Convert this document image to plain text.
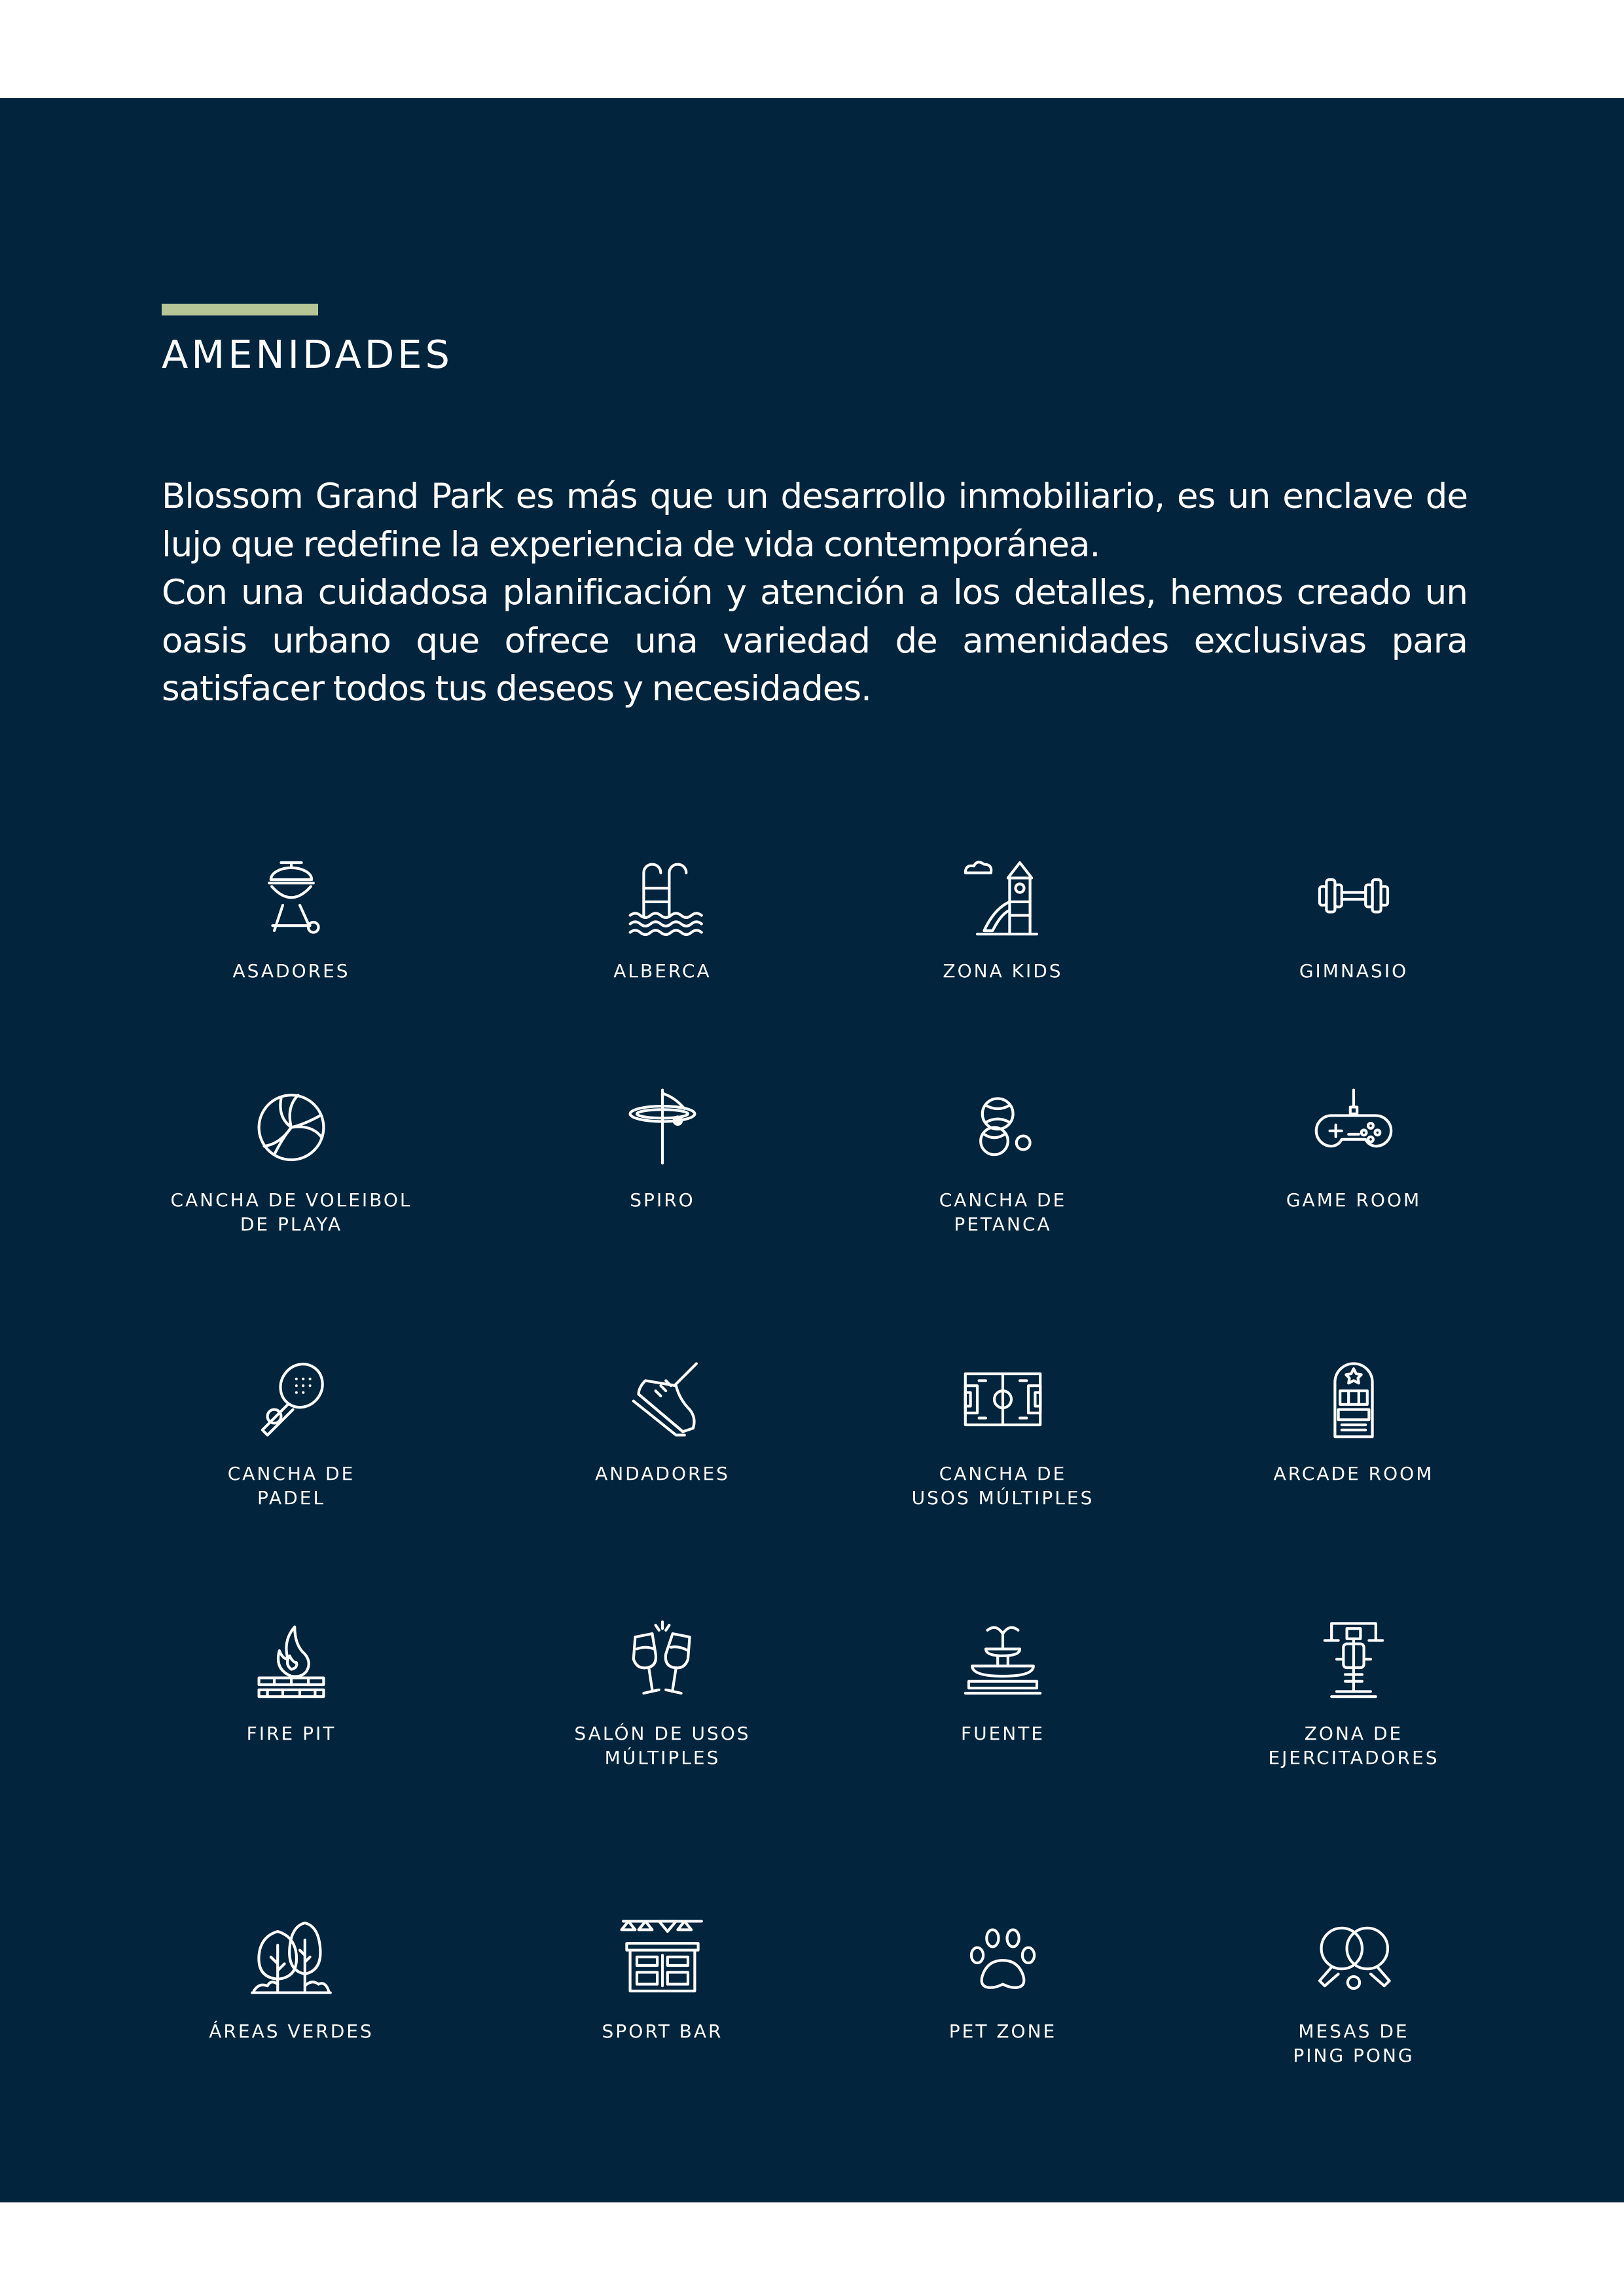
AMENIDADES

Blossom Grand Park es más que un desarrollo inmobiliario, es un enclave de lujo que redefine la experiencia de vida contemporánea.

Con una cuidadosa planificación y atención a los detalles, hemos creado un oasis urbano que ofrece una variedad de amenidades exclusivas para satisfacer todos tus deseos y necesidades.

ASADORES	ALBERCA	ZONA KIDS	GIMNASIO
CANCHA DE VOLEIBOL
DE PLAYA
SPIRO	CANCHA DE
PETANCA
GAME ROOM
CANCHA DE
PADEL
ANDADORES	CANCHA DE
USOS MÚLTIPLES
ARCADE ROOM
FIRE PIT	SALÓN DE USOS
MÚLTIPLES
FUENTE	ZONA DE
EJERCITADORES
ÁREAS VERDES	SPORT BAR	PET ZONE	MESAS DE
PING PONG
